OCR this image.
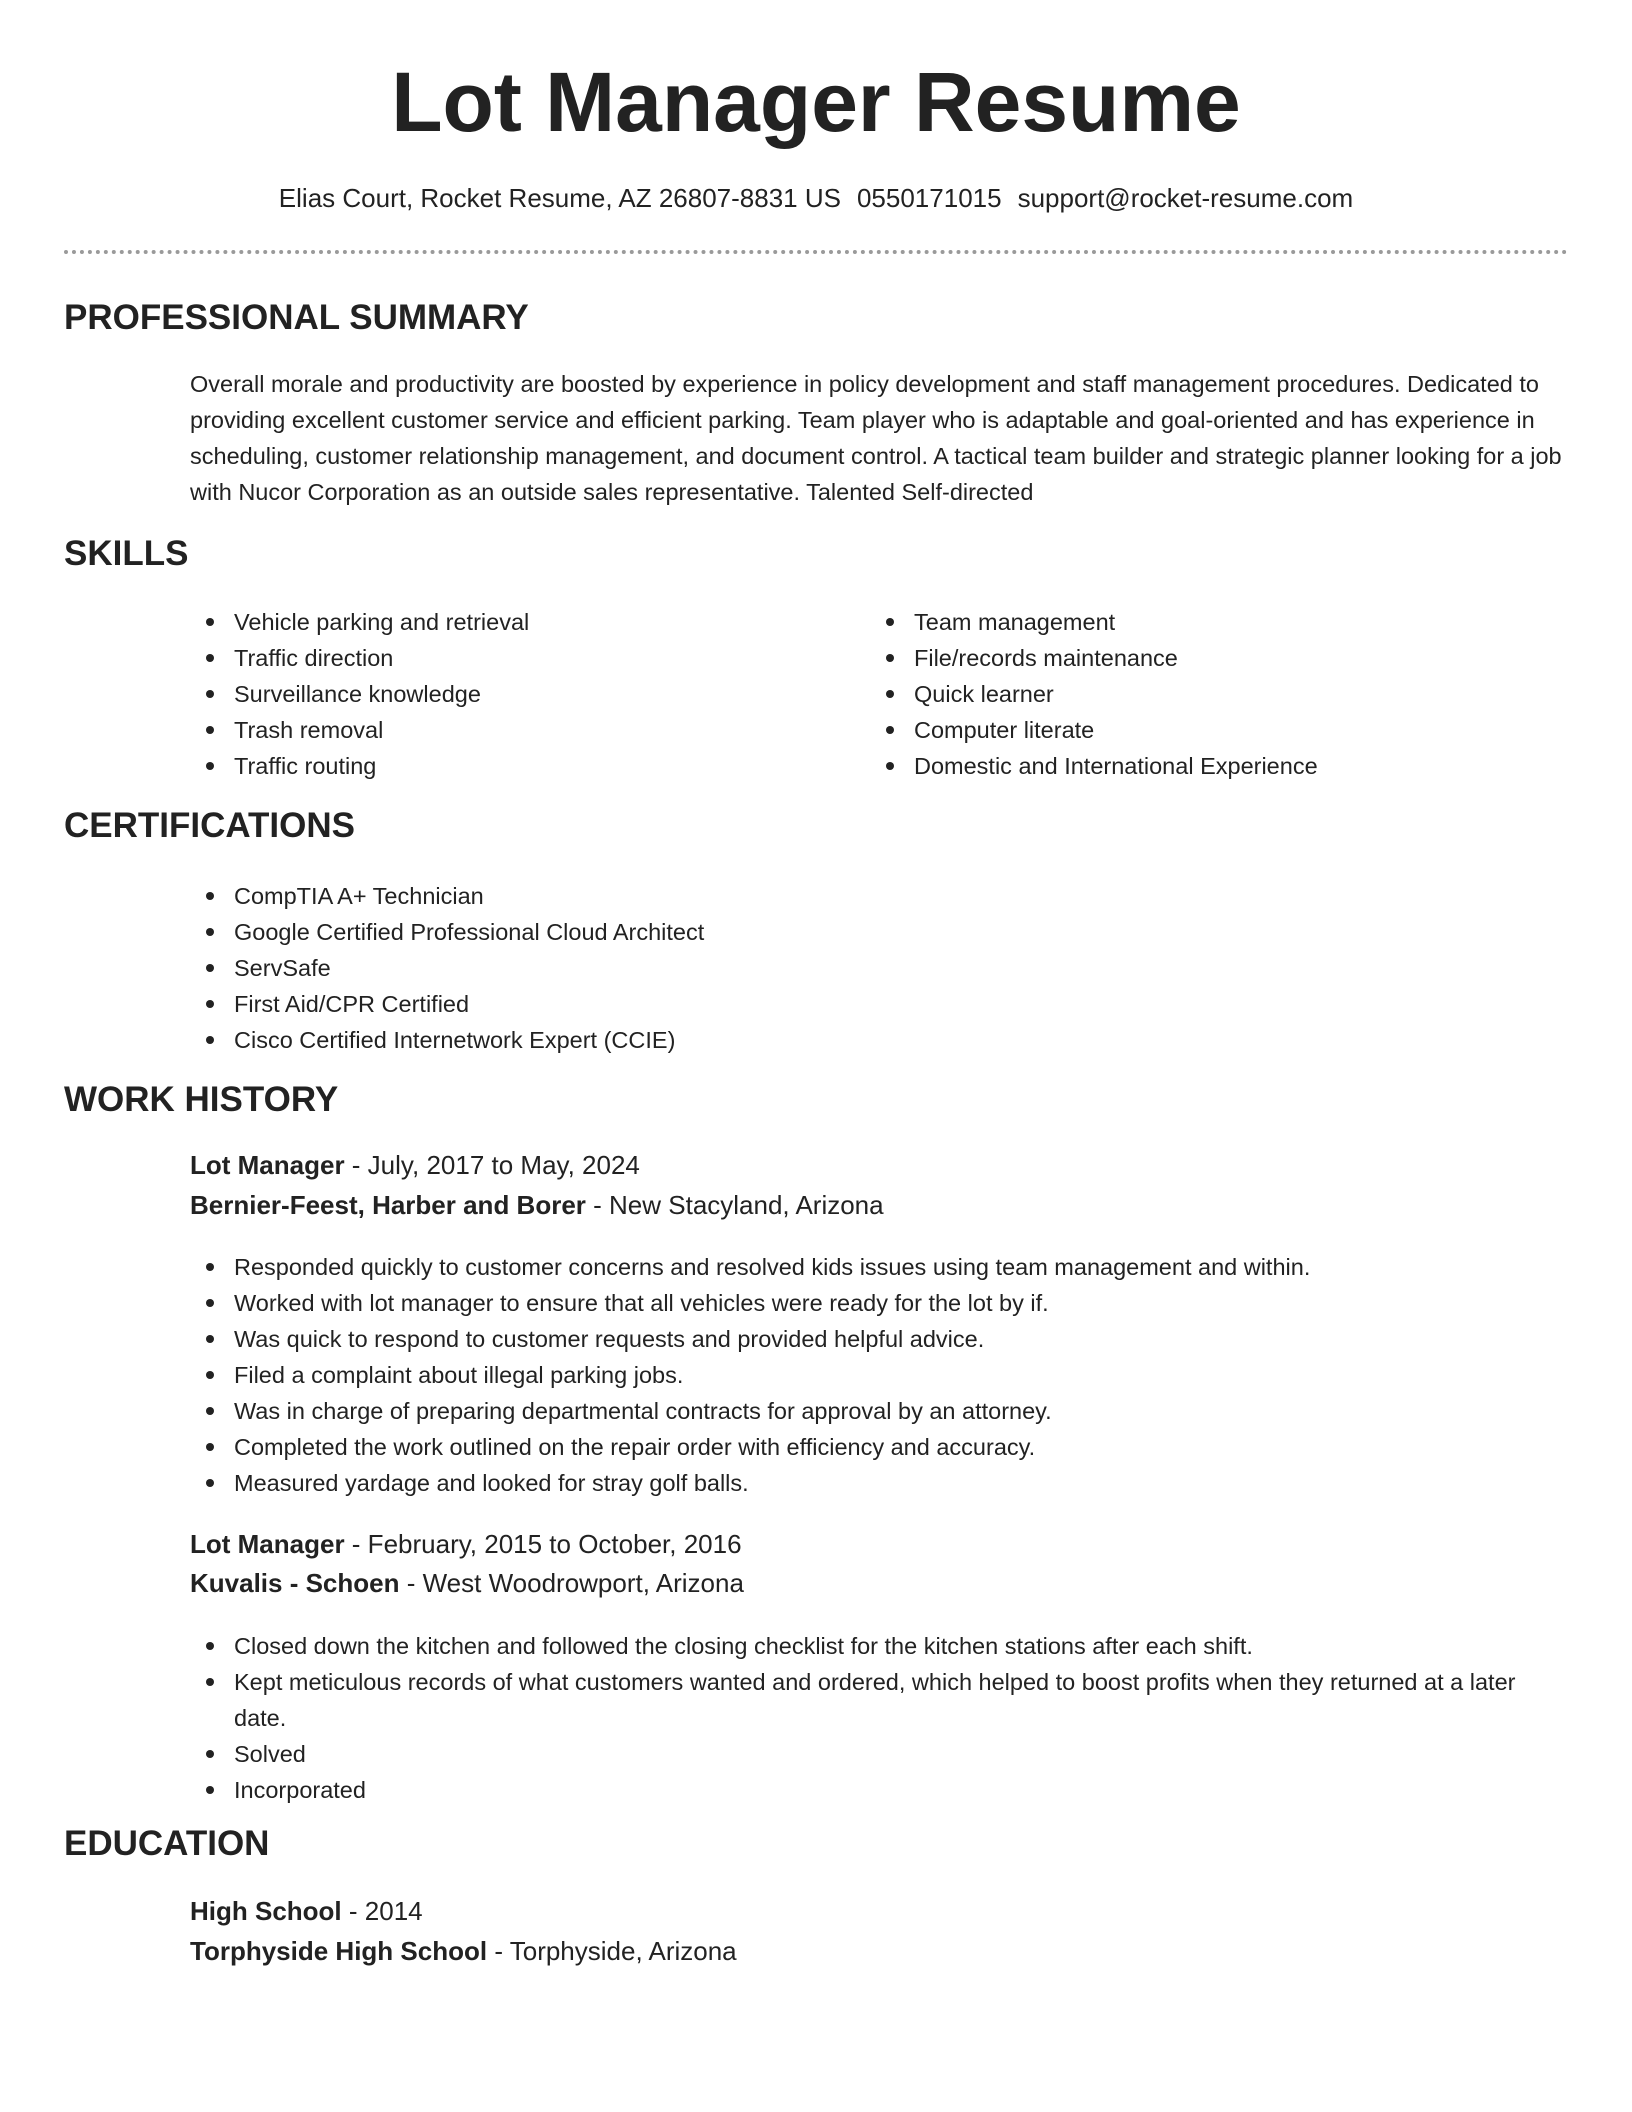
Lot Manager Resume
Elias Court, Rocket Resume, AZ 26807-8831 US 0550171015 support@rocket-resume.com
PROFESSIONAL SUMMARY

Overall morale and productivity are boosted by experience in policy development and staff management procedures. Dedicated to providing excellent customer service and efficient parking. Team player who is adaptable and goal-oriented and has experience in scheduling, customer relationship management, and document control. A tactical team builder and strategic planner looking for a job with Nucor Corporation as an outside sales representative. Talented Self-directed

SKILLS
Vehicle parking and retrieval
Traffic direction
Surveillance knowledge
Trash removal
Traffic routing
Team management
File/records maintenance
Quick learner
Computer literate
Domestic and International Experience
CERTIFICATIONS
CompTIA A+ Technician
Google Certified Professional Cloud Architect
ServSafe
First Aid/CPR Certified
Cisco Certified Internetwork Expert (CCIE)
WORK HISTORY
Lot Manager - July, 2017 to May, 2024
Bernier-Feest, Harber and Borer - New Stacyland, Arizona
Responded quickly to customer concerns and resolved kids issues using team management and within.
Worked with lot manager to ensure that all vehicles were ready for the lot by if.
Was quick to respond to customer requests and provided helpful advice.
Filed a complaint about illegal parking jobs.
Was in charge of preparing departmental contracts for approval by an attorney.
Completed the work outlined on the repair order with efficiency and accuracy.
Measured yardage and looked for stray golf balls.
Lot Manager - February, 2015 to October, 2016
Kuvalis - Schoen - West Woodrowport, Arizona
Closed down the kitchen and followed the closing checklist for the kitchen stations after each shift.
Kept meticulous records of what customers wanted and ordered, which helped to boost profits when they returned at a later date.
Solved
Incorporated
EDUCATION
High School - 2014
Torphyside High School - Torphyside, Arizona
